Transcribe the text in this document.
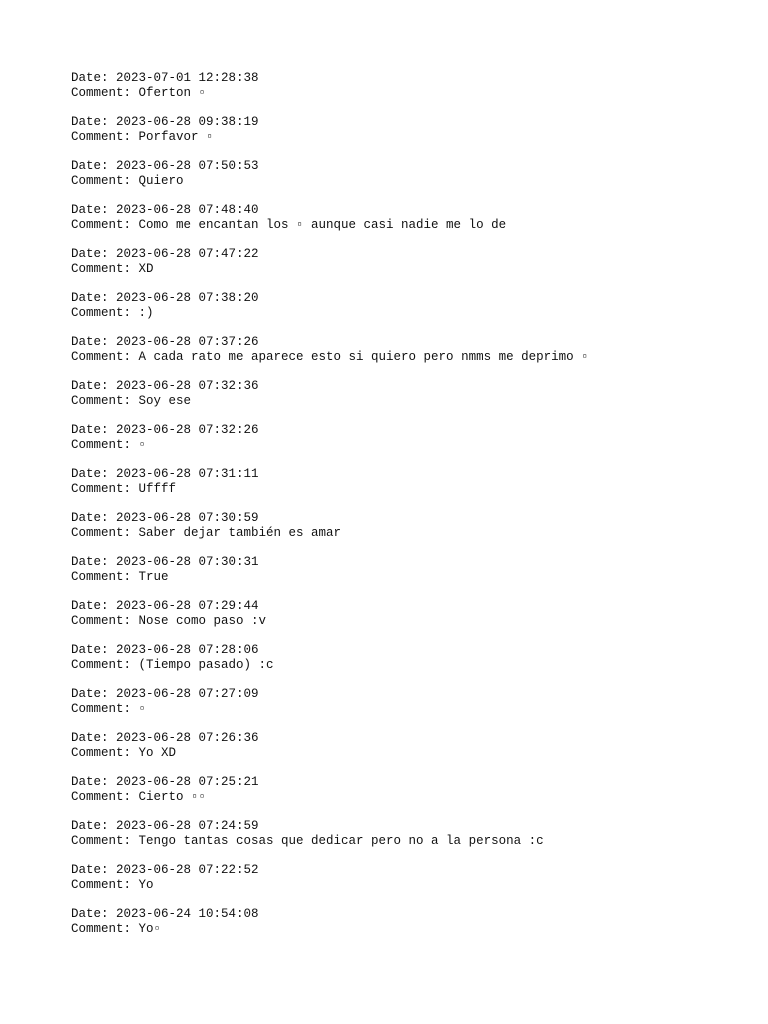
Date: 2023-07-01 12:28:38
Comment: Oferton ▫
Date: 2023-06-28 09:38:19
Comment: Porfavor ▫
Date: 2023-06-28 07:50:53
Comment: Quiero
Date: 2023-06-28 07:48:40
Comment: Como me encantan los ▫ aunque casi nadie me lo de
Date: 2023-06-28 07:47:22
Comment: XD
Date: 2023-06-28 07:38:20
Comment: :)
Date: 2023-06-28 07:37:26
Comment: A cada rato me aparece esto si quiero pero nmms me deprimo ▫
Date: 2023-06-28 07:32:36
Comment: Soy ese
Date: 2023-06-28 07:32:26
Comment: ▫
Date: 2023-06-28 07:31:11
Comment: Uffff
Date: 2023-06-28 07:30:59
Comment: Saber dejar también es amar
Date: 2023-06-28 07:30:31
Comment: True
Date: 2023-06-28 07:29:44
Comment: Nose como paso :v
Date: 2023-06-28 07:28:06
Comment: (Tiempo pasado) :c
Date: 2023-06-28 07:27:09
Comment: ▫
Date: 2023-06-28 07:26:36
Comment: Yo XD
Date: 2023-06-28 07:25:21
Comment: Cierto ▫▫
Date: 2023-06-28 07:24:59
Comment: Tengo tantas cosas que dedicar pero no a la persona :c
Date: 2023-06-28 07:22:52
Comment: Yo
Date: 2023-06-24 10:54:08
Comment: Yo▫
